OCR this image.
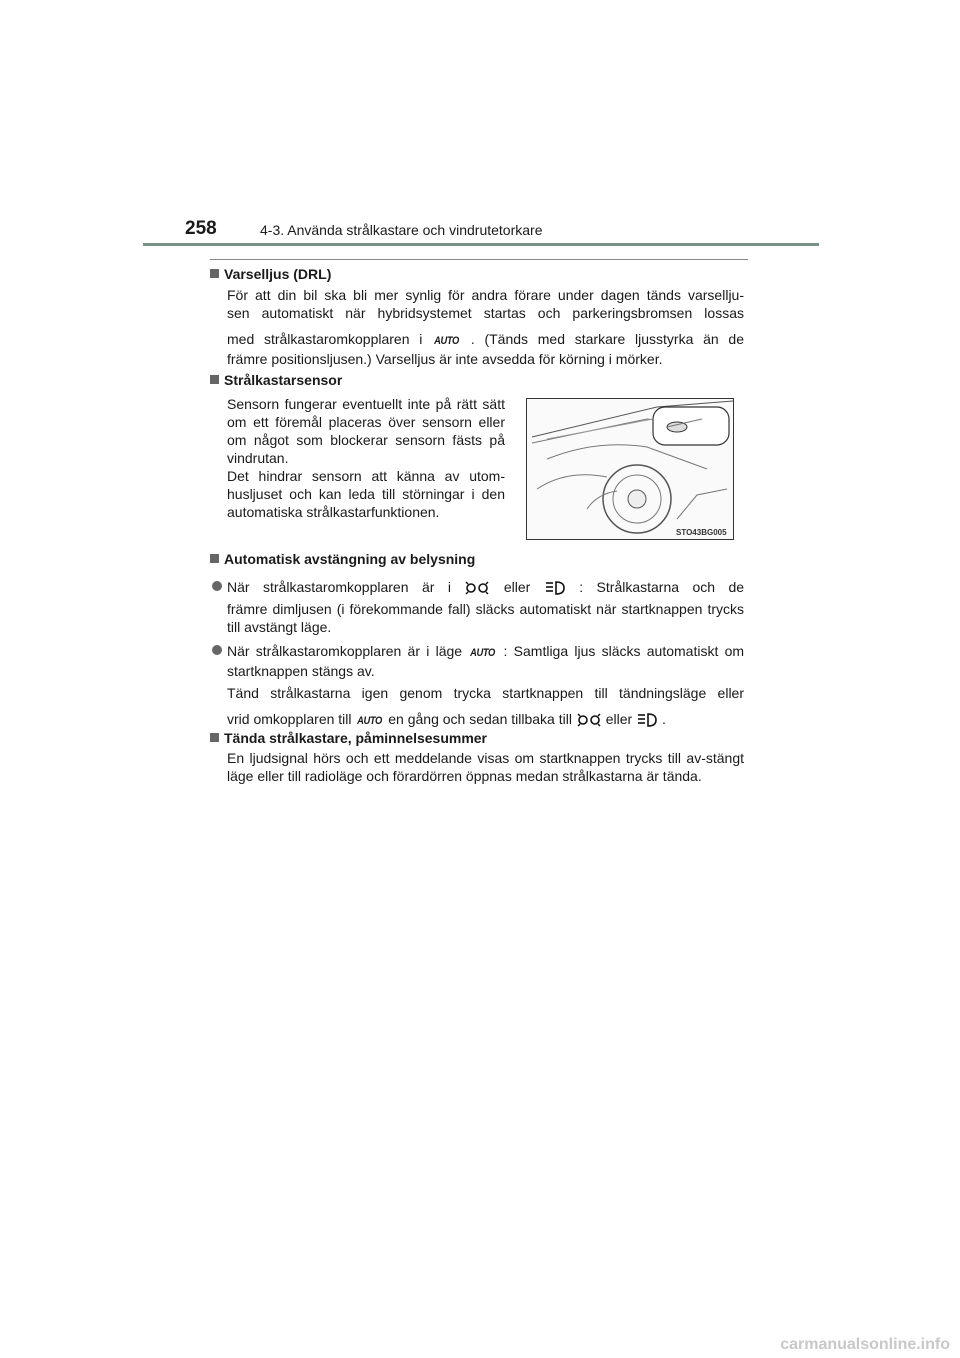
258	4-3. Använda strålkastare och vindrutetorkare
Varselljus (DRL)

För att din bil ska bli mer synlig för andra förare under dagen tänds varsellju-

sen automatiskt när hybridsystemet startas och parkeringsbromsen lossas

med strålkastaromkopplaren i AUTO . (Tänds med starkare ljusstyrka än de

främre positionsljusen.) Varselljus är inte avsedda för körning i mörker.

Strålkastarsensor

Sensorn fungerar eventuellt inte på rätt sätt om ett föremål placeras över sensorn eller om något som blockerar sensorn fästs på vindrutan.

Det hindrar sensorn att känna av utom-husljuset och kan leda till störningar i den automatiska strålkastarfunktionen.

STO43BG005
Automatisk avstängning av belysning
När strålkastaromkopplaren är i	eller	: Strålkastarna och de
främre dimljusen (i förekommande fall) släcks automatiskt när startknappen trycks till avstängt läge.
När strålkastaromkopplaren är i läge AUTO : Samtliga ljus släcks automatiskt om startknappen stängs av.

Tänd strålkastarna igen genom trycka startknappen till tändningsläge eller

vrid omkopplaren till AUTO en gång och sedan tillbaka till eller .

Tända strålkastare, påminnelsesummer

En ljudsignal hörs och ett meddelande visas om startknappen trycks till av-stängt läge eller till radioläge och förardörren öppnas medan strålkastarna är tända.

carmanualsonline.info
